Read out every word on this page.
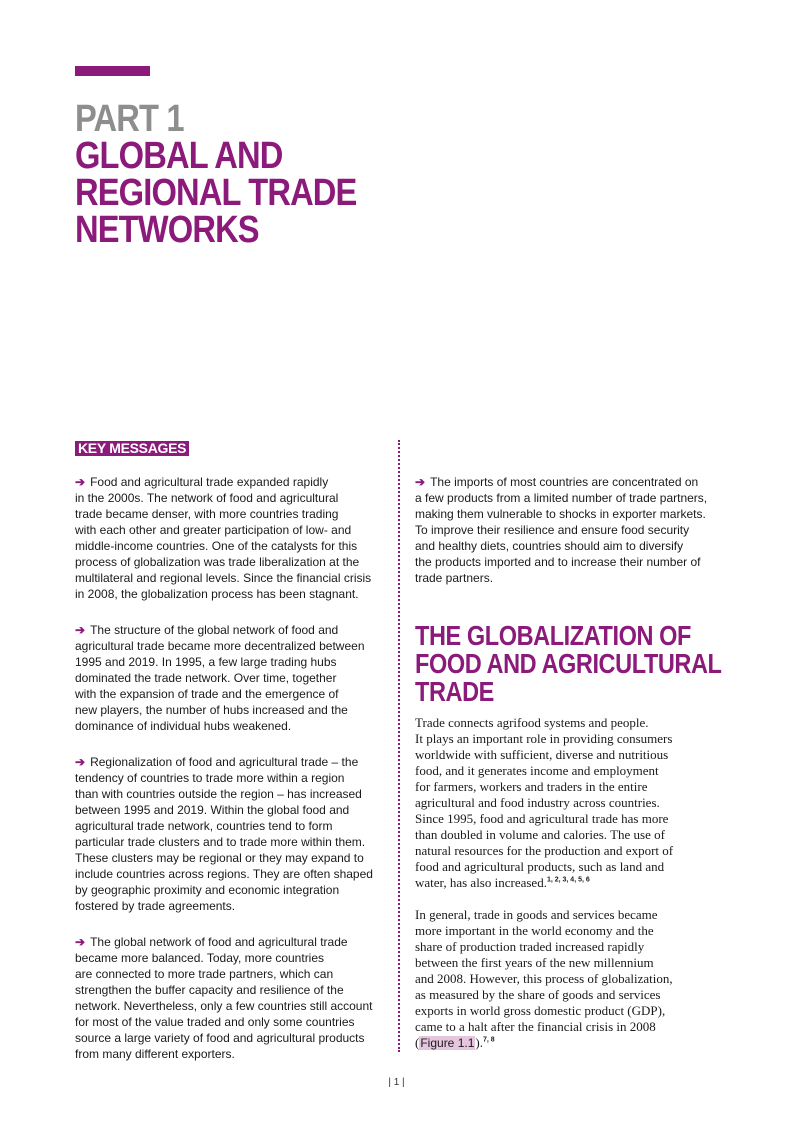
PART 1
GLOBAL AND
REGIONAL TRADE
NETWORKS
KEY MESSAGES

➔ Food and agricultural trade expanded rapidly
in the 2000s. The network of food and agricultural
trade became denser, with more countries trading
with each other and greater participation of low- and
middle-income countries. One of the catalysts for this
process of globalization was trade liberalization at the
multilateral and regional levels. Since the financial crisis
in 2008, the globalization process has been stagnant.

➔ The structure of the global network of food and
agricultural trade became more decentralized between
1995 and 2019. In 1995, a few large trading hubs
dominated the trade network. Over time, together
with the expansion of trade and the emergence of
new players, the number of hubs increased and the
dominance of individual hubs weakened.

➔ Regionalization of food and agricultural trade – the
tendency of countries to trade more within a region
than with countries outside the region – has increased
between 1995 and 2019. Within the global food and
agricultural trade network, countries tend to form
particular trade clusters and to trade more within them.
These clusters may be regional or they may expand to
include countries across regions. They are often shaped
by geographic proximity and economic integration
fostered by trade agreements.

➔ The global network of food and agricultural trade
became more balanced. Today, more countries
are connected to more trade partners, which can
strengthen the buffer capacity and resilience of the
network. Nevertheless, only a few countries still account
for most of the value traded and only some countries
source a large variety of food and agricultural products
from many different exporters.

➔ The imports of most countries are concentrated on
a few products from a limited number of trade partners,
making them vulnerable to shocks in exporter markets.
To improve their resilience and ensure food security
and healthy diets, countries should aim to diversify
the products imported and to increase their number of
trade partners.

THE GLOBALIZATION OF
FOOD AND AGRICULTURAL
TRADE

Trade connects agrifood systems and people.
It plays an important role in providing consumers
worldwide with sufficient, diverse and nutritious
food, and it generates income and employment
for farmers, workers and traders in the entire
agricultural and food industry across countries.
Since 1995, food and agricultural trade has more
than doubled in volume and calories. The use of
natural resources for the production and export of
food and agricultural products, such as land and
water, has also increased.$^{1, 2, 3, 4, 5, 6}$

In general, trade in goods and services became
more important in the world economy and the
share of production traded increased rapidly
between the first years of the new millennium
and 2008. However, this process of globalization,
as measured by the share of goods and services
exports in world gross domestic product (GDP),
came to a halt after the financial crisis in 2008
(Figure 1.1).$^{7, 8}$

| 1 |
